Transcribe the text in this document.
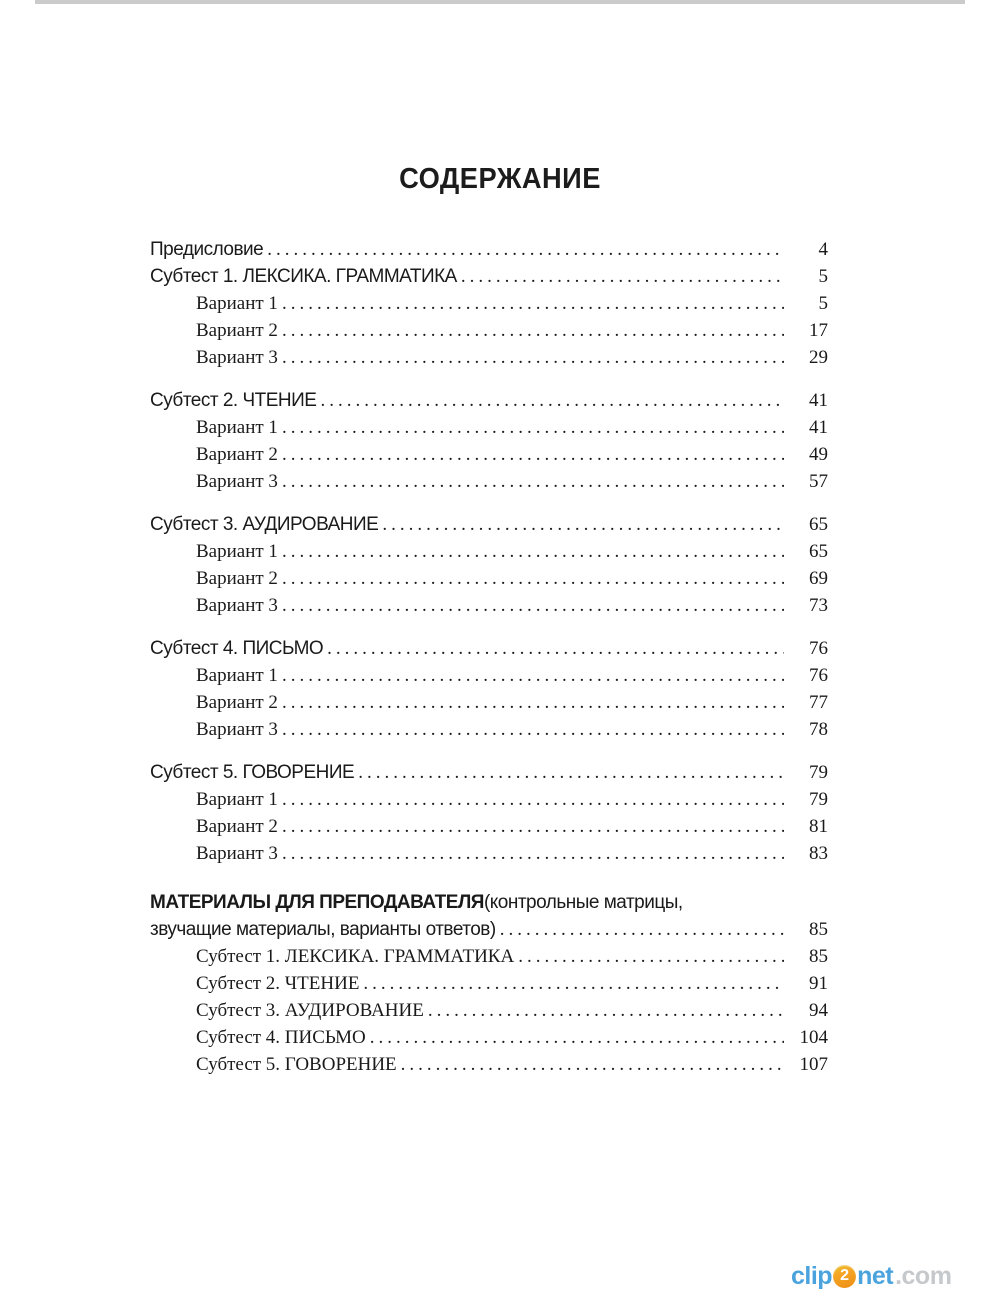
СОДЕРЖАНИЕ
Предисловие .....	4
Субтест 1. ЛЕКСИКА. ГРАММАТИКА .....	5
Вариант 1 .....	5
Вариант 2 .....	17
Вариант 3 .....	29
Субтест 2. ЧТЕНИЕ .....	41
Вариант 1 .....	41
Вариант 2 .....	49
Вариант 3 .....	57
Субтест 3. АУДИРОВАНИЕ .....	65
Вариант 1 .....	65
Вариант 2 .....	69
Вариант 3 .....	73
Субтест 4. ПИСЬМО .....	76
Вариант 1 .....	76
Вариант 2 .....	77
Вариант 3 .....	78
Субтест 5. ГОВОРЕНИЕ .....	79
Вариант 1 .....	79
Вариант 2 .....	81
Вариант 3 .....	83
МАТЕРИАЛЫ ДЛЯ ПРЕПОДАВАТЕЛЯ (контрольные матрицы,
звучащие материалы, варианты ответов) .....	85
Субтест 1. ЛЕКСИКА. ГРАММАТИКА .....	85
Субтест 2. ЧТЕНИЕ .....	91
Субтест 3. АУДИРОВАНИЕ .....	94
Субтест 4. ПИСЬМО .....	104
Субтест 5. ГОВОРЕНИЕ .....	107
clip 2 net .com
